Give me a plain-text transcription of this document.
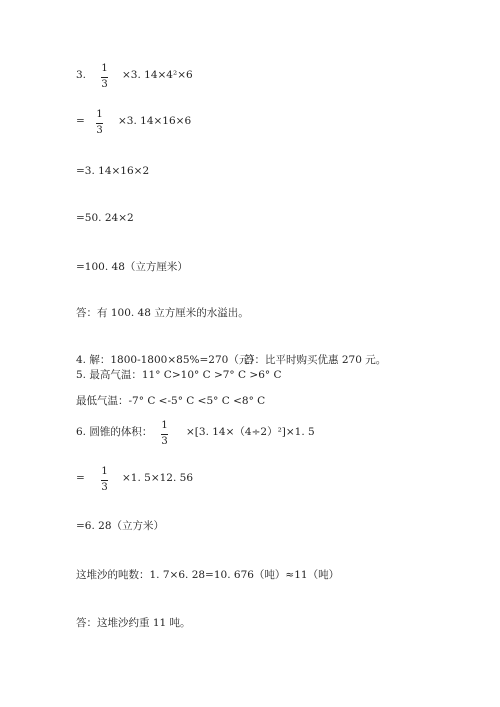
3.
1
3
×3. 14×4²×6
=
1
3
×3. 14×16×6
=3. 14×16×2
=50. 24×2
=100. 48（立方厘米）
答：有 100. 48 立方厘米的水溢出。
4. 解：1800-1800×85%=270（元）
答：比平时购买优惠 270 元。
5. 最高气温：11° C>10° C >7° C >6° C
最低气温：-7° C <-5° C <5° C <8° C
6. 圆锥的体积：
1
3
×[3. 14×（4÷2）²]×1. 5
=
1
3
×1. 5×12. 56
=6. 28（立方米）
这堆沙的吨数：1. 7×6. 28=10. 676（吨）≈11（吨）
答：这堆沙约重 11 吨。
